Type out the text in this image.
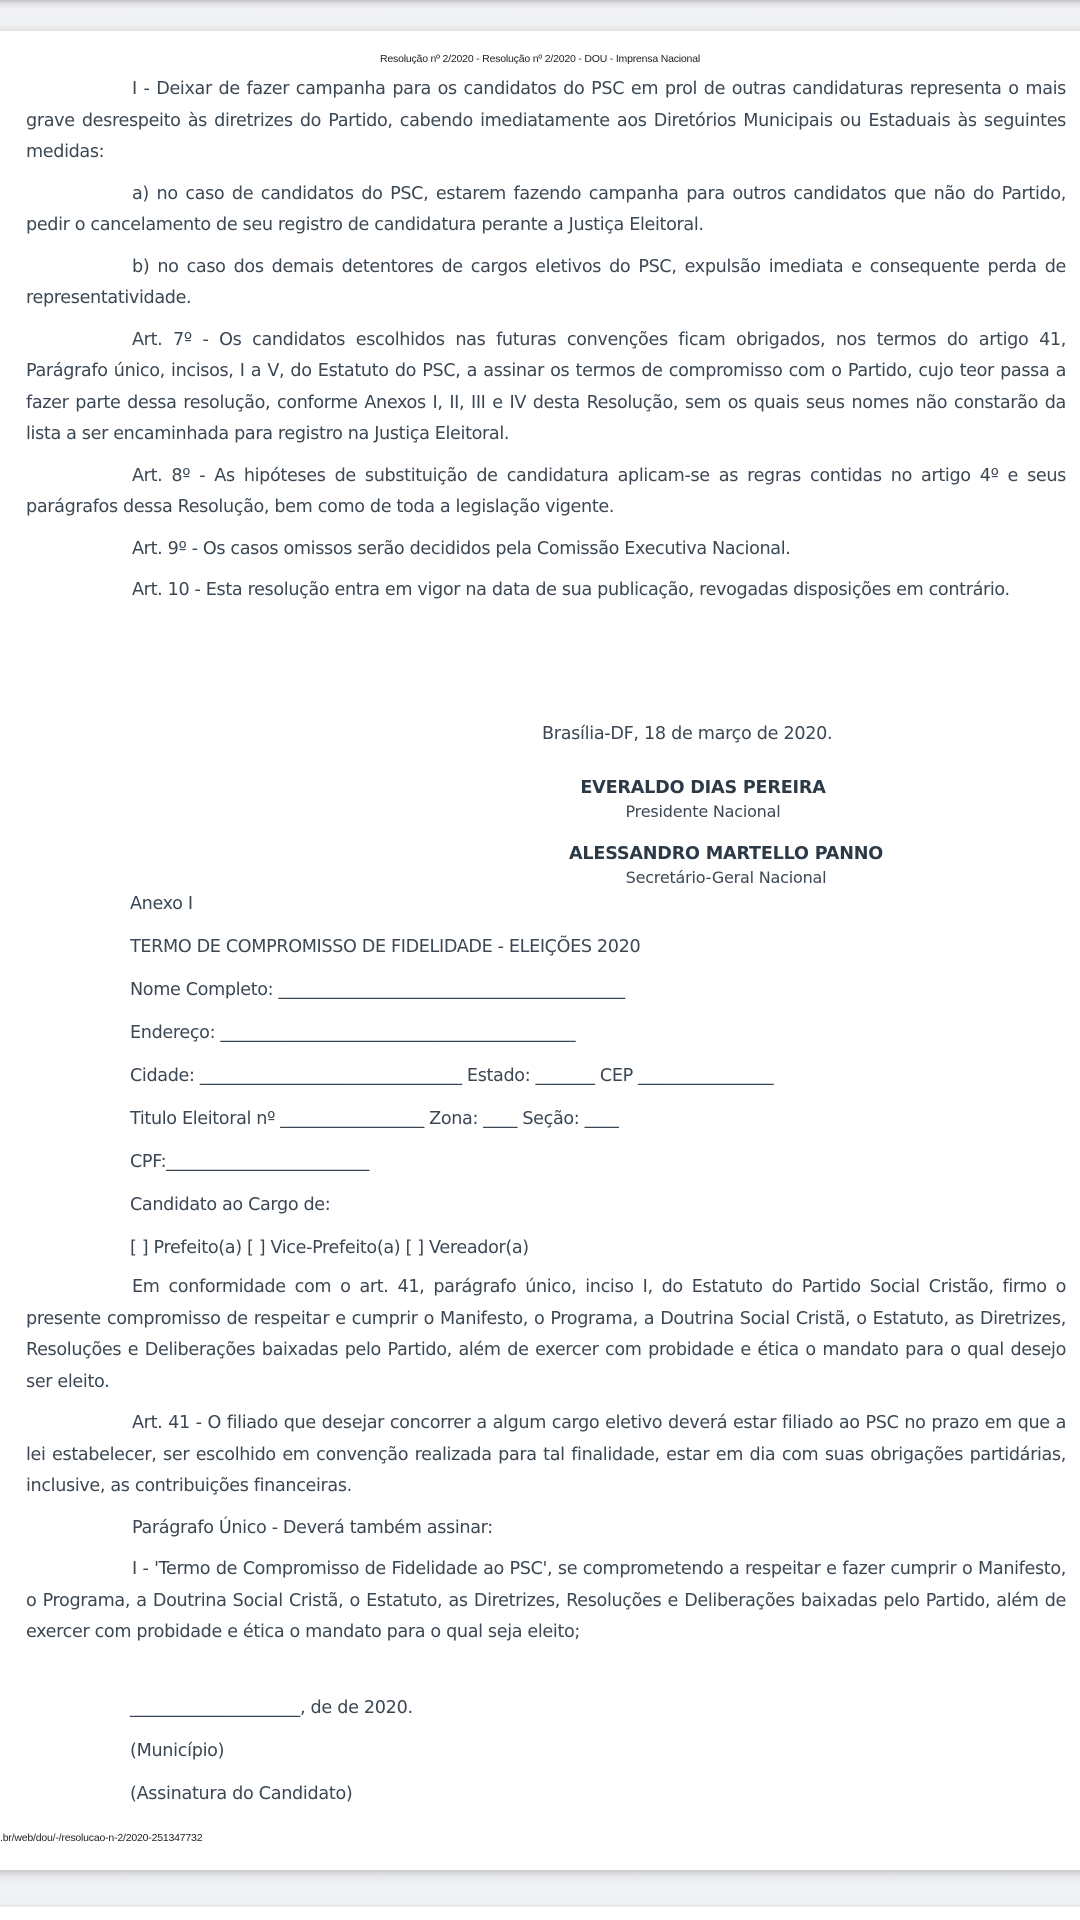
Resolução nº 2/2020 - Resolução nº 2/2020 - DOU - Imprensa Nacional

I - Deixar de fazer campanha para os candidatos do PSC em prol de outras candidaturas representa o mais grave desrespeito às diretrizes do Partido, cabendo imediatamente aos Diretórios Municipais ou Estaduais às seguintes medidas:

a) no caso de candidatos do PSC, estarem fazendo campanha para outros candidatos que não do Partido, pedir o cancelamento de seu registro de candidatura perante a Justiça Eleitoral.

b) no caso dos demais detentores de cargos eletivos do PSC, expulsão imediata e consequente perda de representatividade.

Art. 7º - Os candidatos escolhidos nas futuras convenções ficam obrigados, nos termos do artigo 41, Parágrafo único, incisos, I a V, do Estatuto do PSC, a assinar os termos de compromisso com o Partido, cujo teor passa a fazer parte dessa resolução, conforme Anexos I, II, III e IV desta Resolução, sem os quais seus nomes não constarão da lista a ser encaminhada para registro na Justiça Eleitoral.

Art. 8º - As hipóteses de substituição de candidatura aplicam-se as regras contidas no artigo 4º e seus parágrafos dessa Resolução, bem como de toda a legislação vigente.

Art. 9º - Os casos omissos serão decididos pela Comissão Executiva Nacional.

Art. 10 - Esta resolução entra em vigor na data de sua publicação, revogadas disposições em contrário.

Brasília-DF, 18 de março de 2020.
EVERALDO DIAS PEREIRA
Presidente Nacional
ALESSANDRO MARTELLO PANNO
Secretário-Geral Nacional
Anexo I
TERMO DE COMPROMISSO DE FIDELIDADE - ELEIÇÕES 2020
Nome Completo: _________________________________________
Endereço: __________________________________________
Cidade: _______________________________ Estado: _______ CEP ________________
Titulo Eleitoral nº _________________ Zona: ____ Seção: ____
CPF:________________________
Candidato ao Cargo de:
[ ] Prefeito(a) [ ] Vice-Prefeito(a) [ ] Vereador(a)

Em conformidade com o art. 41, parágrafo único, inciso I, do Estatuto do Partido Social Cristão, firmo o presente compromisso de respeitar e cumprir o Manifesto, o Programa, a Doutrina Social Cristã, o Estatuto, as Diretrizes, Resoluções e Deliberações baixadas pelo Partido, além de exercer com probidade e ética o mandato para o qual desejo ser eleito.

Art. 41 - O filiado que desejar concorrer a algum cargo eletivo deverá estar filiado ao PSC no prazo em que a lei estabelecer, ser escolhido em convenção realizada para tal finalidade, estar em dia com suas obrigações partidárias, inclusive, as contribuições financeiras.

Parágrafo Único - Deverá também assinar:

I - 'Termo de Compromisso de Fidelidade ao PSC', se comprometendo a respeitar e fazer cumprir o Manifesto, o Programa, a Doutrina Social Cristã, o Estatuto, as Diretrizes, Resoluções e Deliberações baixadas pelo Partido, além de exercer com probidade e ética o mandato para o qual seja eleito;

____________________, de de 2020.
(Município)
(Assinatura do Candidato)
.br/web/dou/-/resolucao-n-2/2020-251347732
